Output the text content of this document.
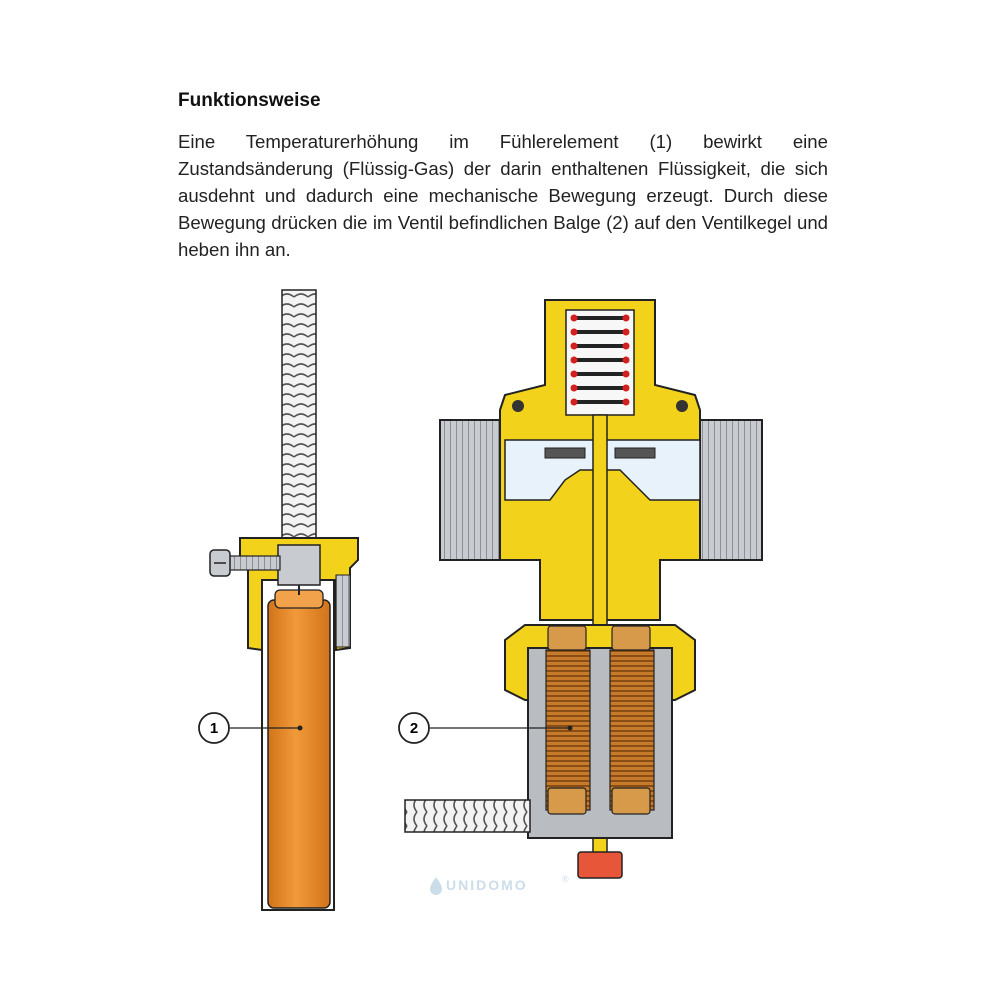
Funktionsweise
Eine Temperaturerhöhung im Fühlerelement (1) bewirkt eine Zustandsänderung (Flüssig-Gas) der darin enthaltenen Flüssigkeit, die sich ausdehnt und dadurch eine mechanische Bewegung erzeugt. Durch diese Bewegung drücken die im Ventil befindlichen Balge (2) auf den Ventilkegel und heben ihn an.
1	2
UNIDOMO	®
